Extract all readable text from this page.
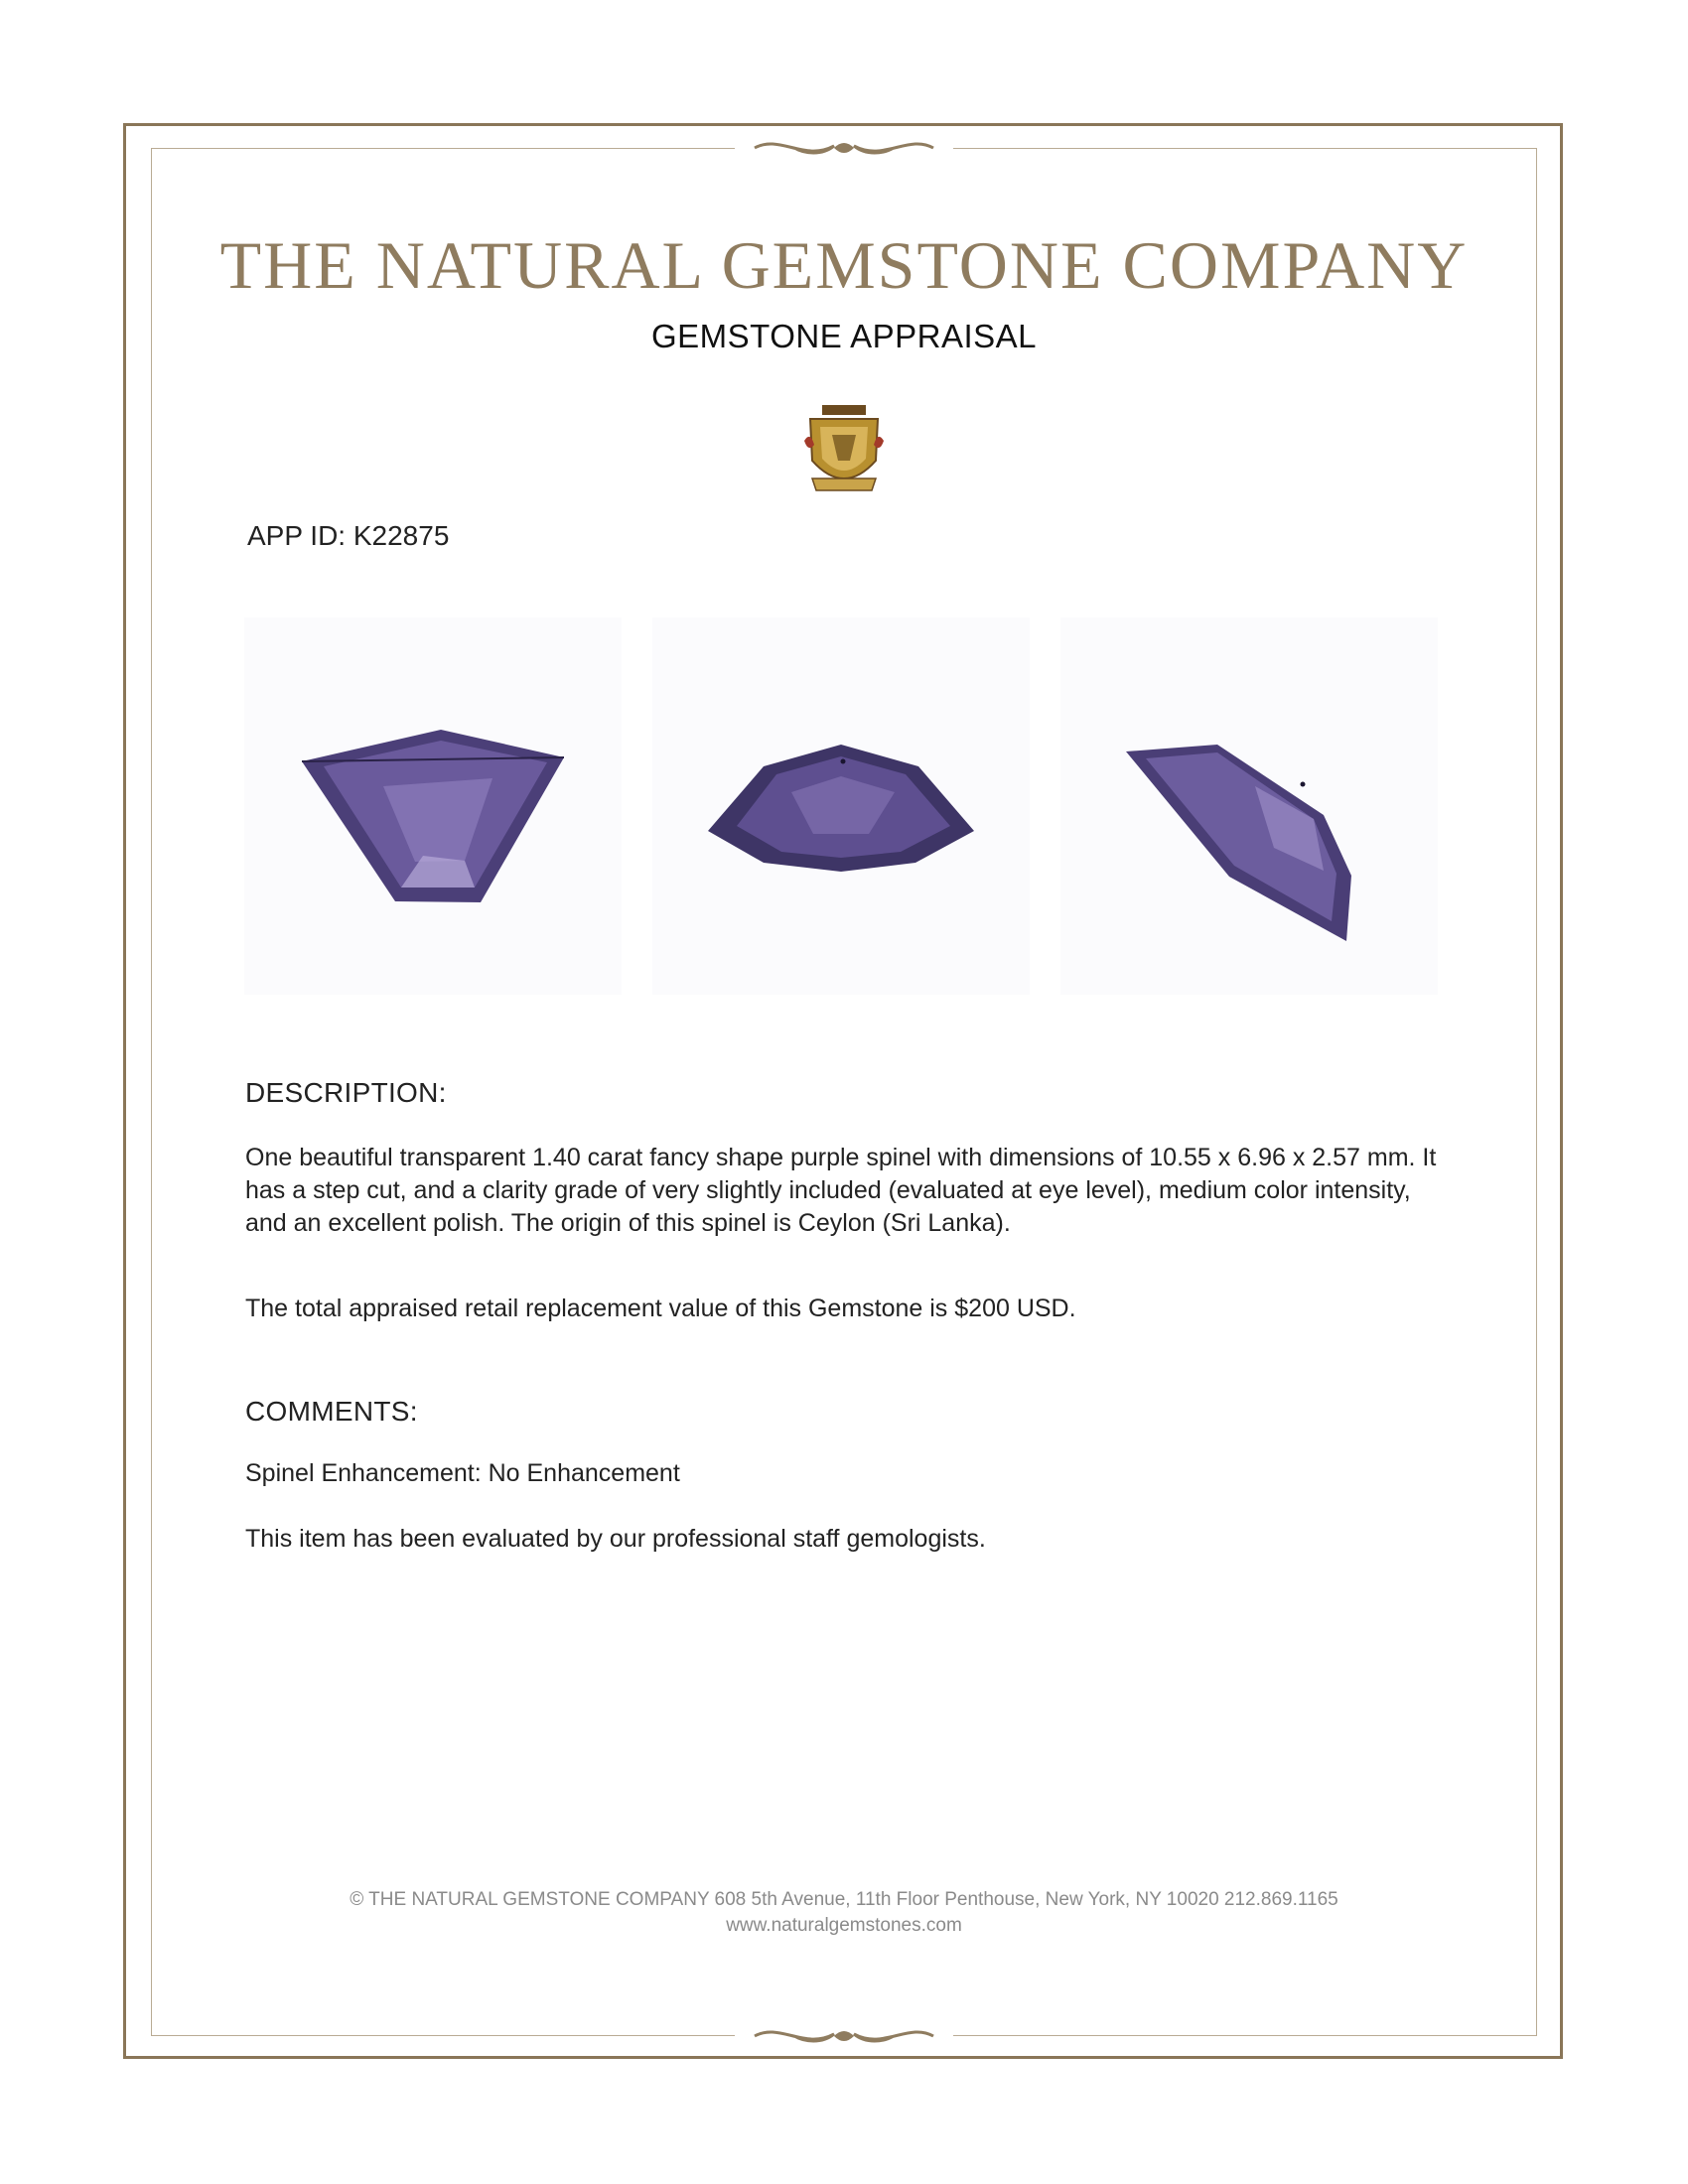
THE NATURAL GEMSTONE COMPANY
GEMSTONE APPRAISAL
APP ID: K22875
DESCRIPTION:

One beautiful transparent 1.40 carat fancy shape purple spinel with dimensions of 10.55 x 6.96 x 2.57 mm. It has a step cut, and a clarity grade of very slightly included (evaluated at eye level), medium color intensity, and an excellent polish. The origin of this spinel is Ceylon (Sri Lanka).

The total appraised retail replacement value of this Gemstone is $200 USD.

COMMENTS:

Spinel Enhancement: No Enhancement

This item has been evaluated by our professional staff gemologists.

© THE NATURAL GEMSTONE COMPANY 608 5th Avenue, 11th Floor Penthouse, New York, NY 10020 212.869.1165
www.naturalgemstones.com
